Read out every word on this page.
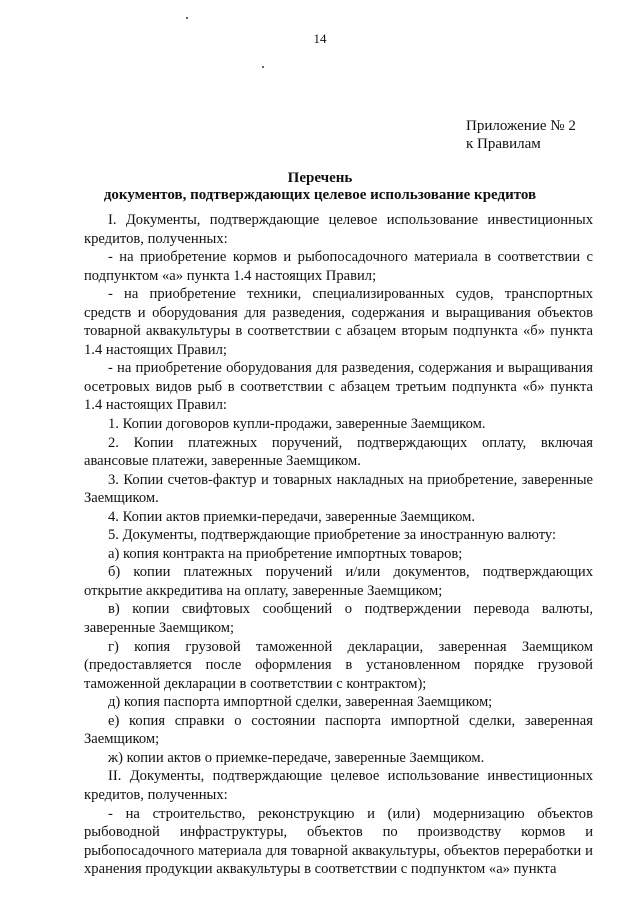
14
Приложение № 2
к Правилам
Перечень
документов, подтверждающих целевое использование кредитов

I. Документы, подтверждающие целевое использование инвестиционных кредитов, полученных:

- на приобретение кормов и рыбопосадочного материала в соответствии с подпунктом «а» пункта 1.4 настоящих Правил;

- на приобретение техники, специализированных судов, транспортных средств и оборудования для разведения, содержания и выращивания объектов товарной аквакультуры в соответствии с абзацем вторым подпункта «б» пункта 1.4 настоящих Правил;

- на приобретение оборудования для разведения, содержания и выращивания осетровых видов рыб в соответствии с абзацем третьим подпункта «б» пункта 1.4 настоящих Правил:

1. Копии договоров купли-продажи, заверенные Заемщиком.

2. Копии платежных поручений, подтверждающих оплату, включая авансовые платежи, заверенные Заемщиком.

3. Копии счетов-фактур и товарных накладных на приобретение, заверенные Заемщиком.

4. Копии актов приемки-передачи, заверенные Заемщиком.

5. Документы, подтверждающие приобретение за иностранную валюту:

а) копия контракта на приобретение импортных товаров;

б) копии платежных поручений и/или документов, подтверждающих открытие аккредитива на оплату, заверенные Заемщиком;

в) копии свифтовых сообщений о подтверждении перевода валюты, заверенные Заемщиком;

г) копия грузовой таможенной декларации, заверенная Заемщиком (предоставляется после оформления в установленном порядке грузовой таможенной декларации в соответствии с контрактом);

д) копия паспорта импортной сделки, заверенная Заемщиком;

е) копия справки о состоянии паспорта импортной сделки, заверенная Заемщиком;

ж) копии актов о приемке-передаче, заверенные Заемщиком.

II. Документы, подтверждающие целевое использование инвестиционных кредитов, полученных:

- на строительство, реконструкцию и (или) модернизацию объектов рыбоводной инфраструктуры, объектов по производству кормов и рыбопосадочного материала для товарной аквакультуры, объектов переработки и хранения продукции аквакультуры в соответствии с подпунктом «а» пункта
